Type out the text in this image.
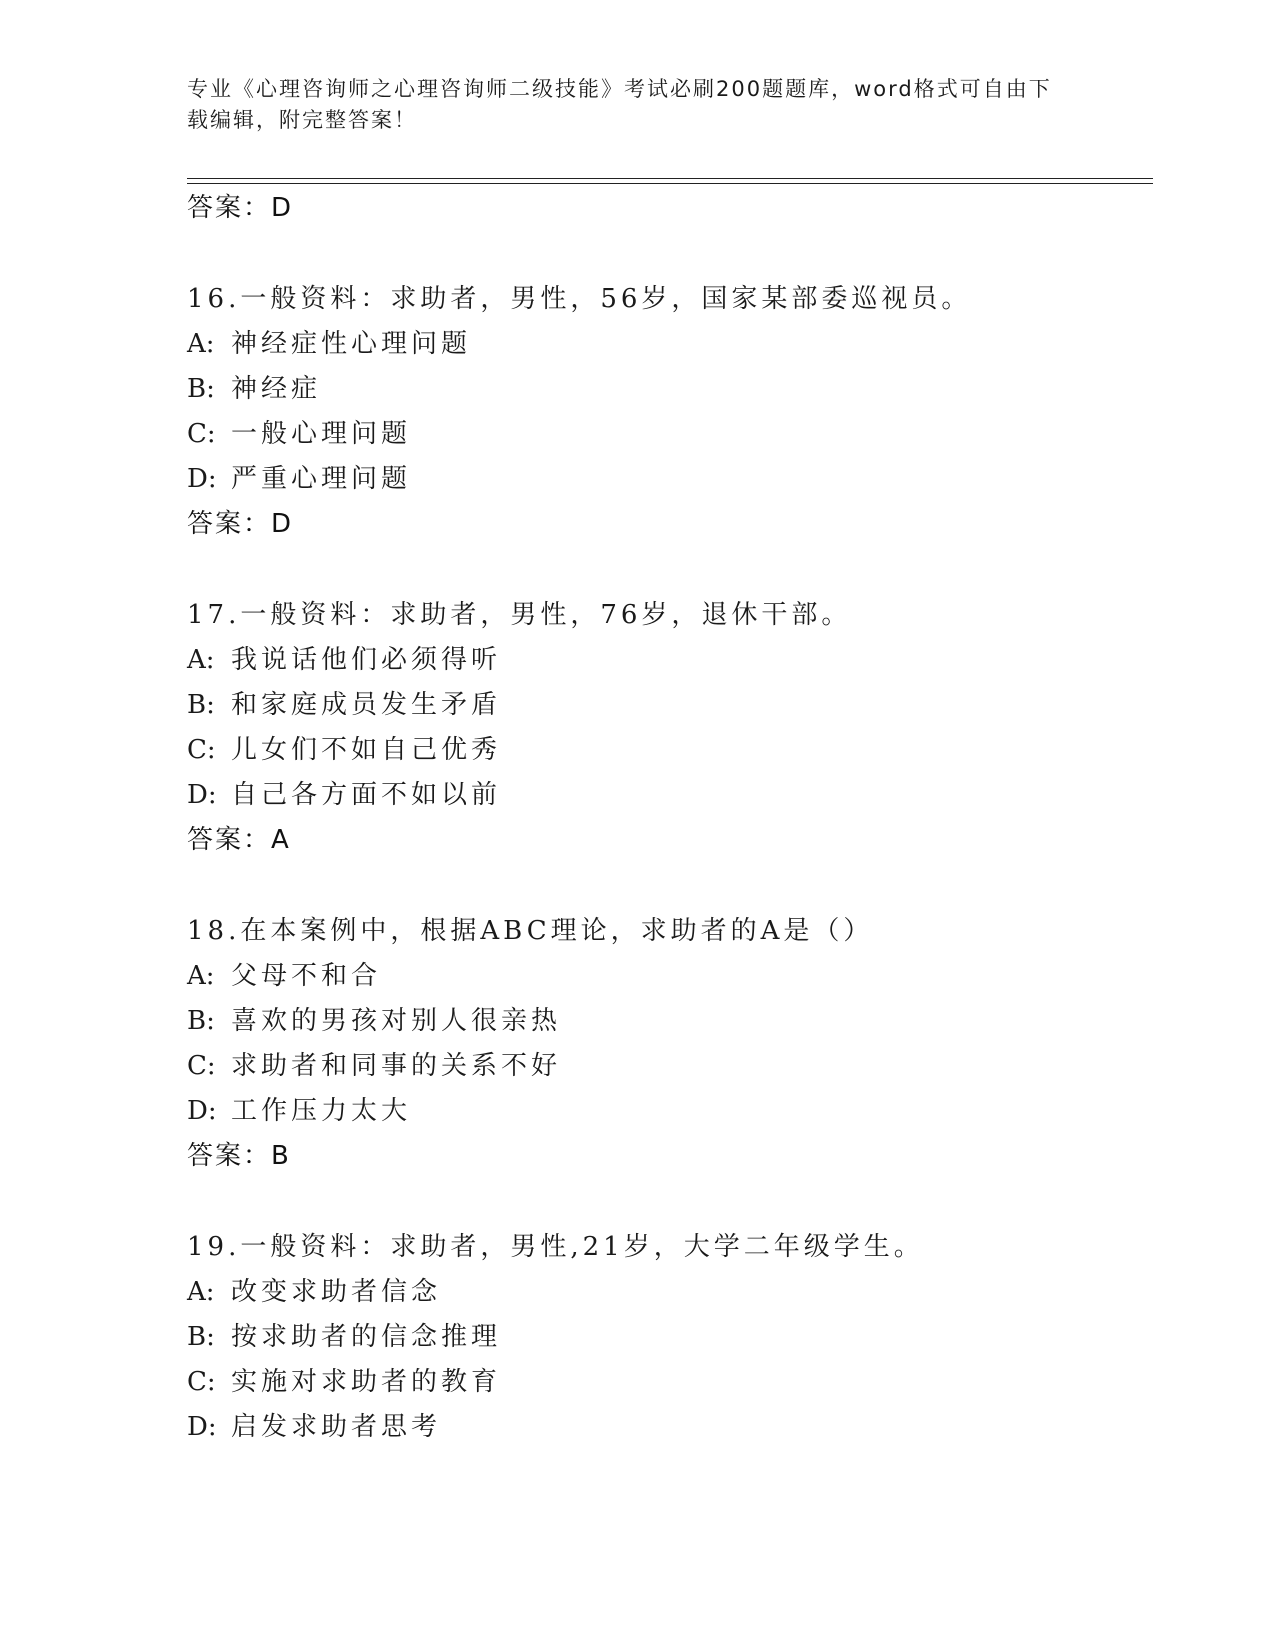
专业《心理咨询师之心理咨询师二级技能》考试必刷200题题库，word格式可自由下载编辑，附完整答案！
答案：D
16.一般资料：求助者，男性，56岁，国家某部委巡视员。
A: 神经症性心理问题
B: 神经症
C: 一般心理问题
D: 严重心理问题
答案：D
17.一般资料：求助者，男性，76岁，退休干部。
A: 我说话他们必须得听
B: 和家庭成员发生矛盾
C: 儿女们不如自己优秀
D: 自己各方面不如以前
答案：A
18.在本案例中，根据ABC理论，求助者的A是（）
A: 父母不和合
B: 喜欢的男孩对别人很亲热
C: 求助者和同事的关系不好
D: 工作压力太大
答案：B
19.一般资料：求助者，男性,21岁，大学二年级学生。
A: 改变求助者信念
B: 按求助者的信念推理
C: 实施对求助者的教育
D: 启发求助者思考
